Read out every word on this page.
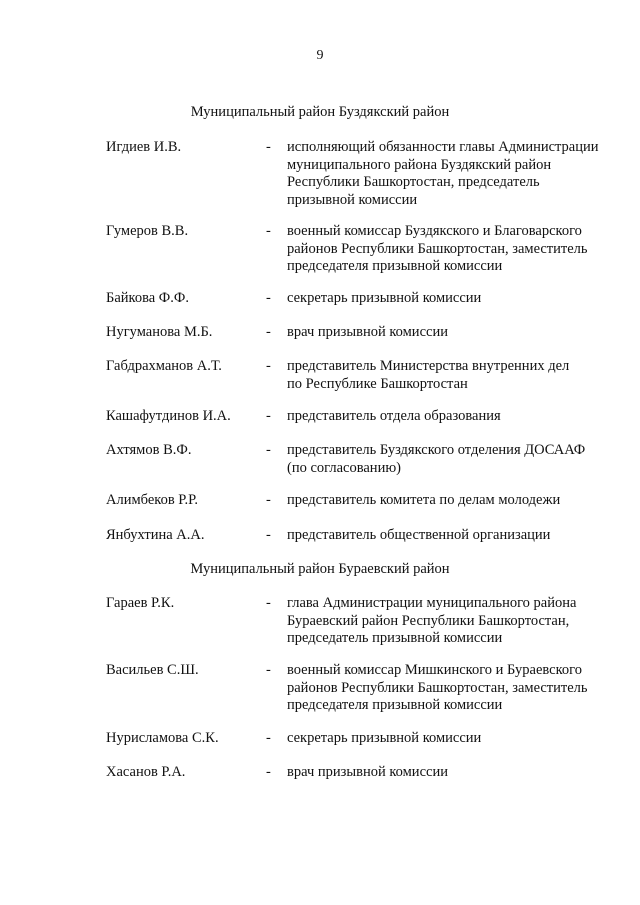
9
Муниципальный район Буздякский район
Игдиев И.В.	- исполняющий обязанности главы Администрации
муниципального района Буздякский район
Республики Башкортостан, председатель
призывной комиссии
Гумеров В.В.	- военный комиссар Буздякского и Благоварского
районов Республики Башкортостан, заместитель
председателя призывной комиссии
Байкова Ф.Ф.	- секретарь призывной комиссии
Нугуманова М.Б.	- врач призывной комиссии
Габдрахманов А.Т.	- представитель Министерства внутренних дел
по Республике Башкортостан
Кашафутдинов И.А. - представитель отдела образования
Ахтямов В.Ф.	- представитель Буздякского отделения ДОСААФ
(по согласованию)
Алимбеков Р.Р.	- представитель комитета по делам молодежи
Янбухтина А.А.	- представитель общественной организации
Муниципальный район Бураевский район
Гараев Р.К.	- глава Администрации муниципального района
Бураевский район Республики Башкортостан,
председатель призывной комиссии
Васильев С.Ш.	- военный комиссар Мишкинского и Бураевского
районов Республики Башкортостан, заместитель
председателя призывной комиссии
Нурисламова С.К.	- секретарь призывной комиссии
Хасанов Р.А.	- врач призывной комиссии
